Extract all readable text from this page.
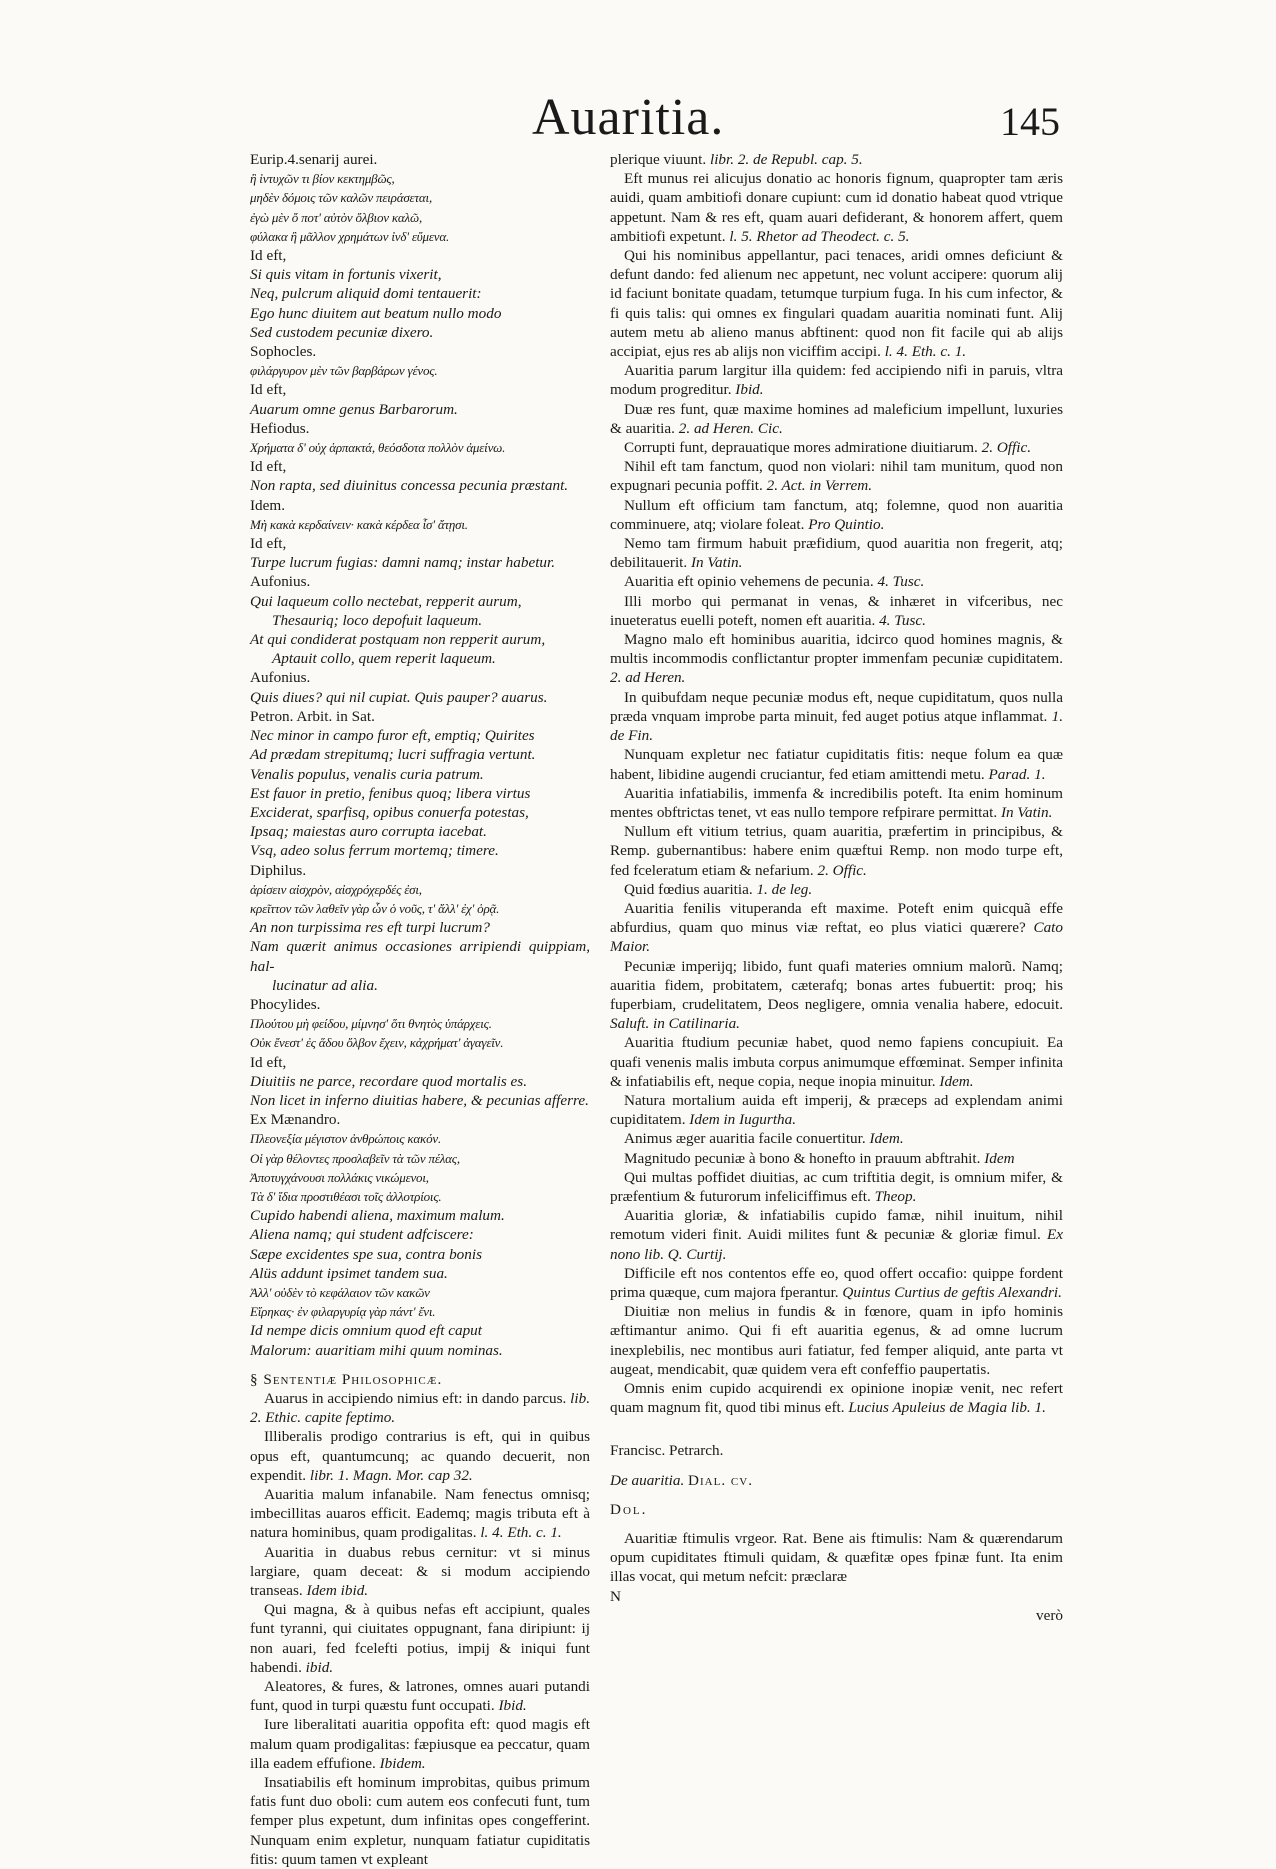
Auaritia.	145

Eurip.4.senarij aurei.

ἢ ἰντυχῶν τι βίον κεκτημβῶς,

μηδὲν δόμοις τῶν καλῶν πειράσεται,

ἐγὼ μὲν ὄ ποτ' αὐτὸν ὄλβιον καλῶ,

φύλακα ἢ μᾶλλον χρημάτων ἰνδ' εὔμενα.

Id eft,

Si quis vitam in fortunis vixerit,

Neq, pulcrum aliquid domi tentauerit:

Ego hunc diuitem aut beatum nullo modo

Sed custodem pecuniæ dixero.

Sophocles.

φιλάργυρον μὲν τῶν βαρβάρων γένος.

Id eft,

Auarum omne genus Barbarorum.

Hefiodus.

Χρήματα δ' οὐχ ἁρπακτά, θεόσδοτα πολλὸν ἀμείνω.

Id eft,

Non rapta, sed diuinitus concessa pecunia præstant.

Idem.

Μὴ κακὰ κερδαίνειν· κακὰ κέρδεα ἶσ' ἄτῃσι.

Id eft,

Turpe lucrum fugias: damni namq; instar habetur.

Aufonius.

Qui laqueum collo nectebat, repperit aurum,

Thesauriq; loco depofuit laqueum.

At qui condiderat postquam non repperit aurum,

Aptauit collo, quem reperit laqueum.

Aufonius.

Quis diues? qui nil cupiat. Quis pauper? auarus.

Petron. Arbit. in Sat.

Nec minor in campo furor eft, emptiq; Quirites

Ad prædam strepitumq; lucri suffragia vertunt.

Venalis populus, venalis curia patrum.

Est fauor in pretio, fenibus quoq; libera virtus

Exciderat, sparfisq, opibus conuerfa potestas,

Ipsaq; maiestas auro corrupta iacebat.

Vsq, adeo solus ferrum mortemq; timere.

Diphilus.

ἀρίσειν αἰσχρὸν, αἰσχρόχερδές ἐσι,

κρεῖττον τῶν λαθεῖν γὰρ ὧν ὁ νοῦς, τ' ἄλλ' ἐχ' ὁρᾷ.

An non turpissima res eft turpi lucrum?

Nam quærit animus occasiones arripiendi quippiam, hal-

lucinatur ad alia.

Phocylides.

Πλούτου μὴ φείδου, μίμνησ' ὅτι θνητὸς ὑπάρχεις.

Οὐκ ἔνεστ' ἐς ἅδου ὄλβον ἔχειν, κἀχρήματ' ἀγαγεῖν.

Id eft,

Diuitiis ne parce, recordare quod mortalis es.

Non licet in inferno diuitias habere, & pecunias afferre.

Ex Mænandro.

Πλεονεξία μέγιστον ἀνθρώποις κακόν.

Οἱ γὰρ θέλοντες προσλαβεῖν τὰ τῶν πέλας,

Ἀποτυγχάνουσι πολλάκις νικώμενοι,

Τὰ δ' ἴδια προστιθέασι τοῖς ἀλλοτρίοις.

Cupido habendi aliena, maximum malum.

Aliena namq; qui student adfciscere:

Sæpe excidentes spe sua, contra bonis

Alüs addunt ipsimet tandem sua.

Ἀλλ' οὐδὲν τὸ κεφάλαιον τῶν κακῶν

Εἴρηκας· ἐν φιλαργυρίᾳ γὰρ πάντ' ἔνι.

Id nempe dicis omnium quod eft caput

Malorum: auaritiam mihi quum nominas.

§ Sententiæ Philosophicæ.

Auarus in accipiendo nimius eft: in dando parcus. lib. 2. Ethic. capite feptimo.

Illiberalis prodigo contrarius is eft, qui in quibus opus eft, quantumcunq; ac quando decuerit, non expendit. libr. 1. Magn. Mor. cap 32.

Auaritia malum infanabile. Nam fenectus omnisq; imbecillitas auaros efficit. Eademq; magis tributa eft à natura hominibus, quam prodigalitas. l. 4. Eth. c. 1.

Auaritia in duabus rebus cernitur: vt si minus largiare, quam deceat: & si modum accipiendo transeas. Idem ibid.

Qui magna, & à quibus nefas eft accipiunt, quales funt tyranni, qui ciuitates oppugnant, fana diripiunt: ij non auari, fed fcelefti potius, impij & iniqui funt habendi. ibid.

Aleatores, & fures, & latrones, omnes auari putandi funt, quod in turpi quæstu funt occupati. Ibid.

Iure liberalitati auaritia oppofita eft: quod magis eft malum quam prodigalitas: fæpiusque ea peccatur, quam illa eadem effufione. Ibidem.

Insatiabilis eft hominum improbitas, quibus primum fatis funt duo oboli: cum autem eos confecuti funt, tum femper plus expetunt, dum infinitas opes congefferint. Nunquam enim expletur, nunquam fatiatur cupiditatis fitis: quum tamen vt expleant

plerique viuunt. libr. 2. de Republ. cap. 5.

Eft munus rei alicujus donatio ac honoris fignum, quapropter tam æris auidi, quam ambitiofi donare cupiunt: cum id donatio habeat quod vtrique appetunt. Nam & res eft, quam auari defiderant, & honorem affert, quem ambitiofi expetunt. l. 5. Rhetor ad Theodect. c. 5.

Qui his nominibus appellantur, paci tenaces, aridi omnes deficiunt & defunt dando: fed alienum nec appetunt, nec volunt accipere: quorum alij id faciunt bonitate quadam, tetumque turpium fuga. In his cum infector, & fi quis talis: qui omnes ex fingulari quadam auaritia nominati funt. Alij autem metu ab alieno manus abftinent: quod non fit facile qui ab alijs accipiat, ejus res ab alijs non viciffim accipi. l. 4. Eth. c. 1.

Auaritia parum largitur illa quidem: fed accipiendo nifi in paruis, vltra modum progreditur. Ibid.

Duæ res funt, quæ maxime homines ad maleficium impellunt, luxuries & auaritia. 2. ad Heren. Cic.

Corrupti funt, deprauatique mores admiratione diuitiarum. 2. Offic.

Nihil eft tam fanctum, quod non violari: nihil tam munitum, quod non expugnari pecunia poffit. 2. Act. in Verrem.

Nullum eft officium tam fanctum, atq; folemne, quod non auaritia comminuere, atq; violare foleat. Pro Quintio.

Nemo tam firmum habuit præfidium, quod auaritia non fregerit, atq; debilitauerit. In Vatin.

Auaritia eft opinio vehemens de pecunia. 4. Tusc.

Illi morbo qui permanat in venas, & inhæret in vifceribus, nec inueteratus euelli poteft, nomen eft auaritia. 4. Tusc.

Magno malo eft hominibus auaritia, idcirco quod homines magnis, & multis incommodis conflictantur propter immenfam pecuniæ cupiditatem. 2. ad Heren.

In quibufdam neque pecuniæ modus eft, neque cupiditatum, quos nulla præda vnquam improbe parta minuit, fed auget potius atque inflammat. 1. de Fin.

Nunquam expletur nec fatiatur cupiditatis fitis: neque folum ea quæ habent, libidine augendi cruciantur, fed etiam amittendi metu. Parad. 1.

Auaritia infatiabilis, immenfa & incredibilis poteft. Ita enim hominum mentes obftrictas tenet, vt eas nullo tempore refpirare permittat. In Vatin.

Nullum eft vitium tetrius, quam auaritia, præfertim in principibus, & Remp. gubernantibus: habere enim quæftui Remp. non modo turpe eft, fed fceleratum etiam & nefarium. 2. Offic.

Quid fœdius auaritia. 1. de leg.

Auaritia fenilis vituperanda eft maxime. Poteft enim quicquã effe abfurdius, quam quo minus viæ reftat, eo plus viatici quærere? Cato Maior.

Pecuniæ imperijq; libido, funt quafi materies omnium malorũ. Namq; auaritia fidem, probitatem, cæterafq; bonas artes fubuertit: proq; his fuperbiam, crudelitatem, Deos negligere, omnia venalia habere, edocuit. Saluft. in Catilinaria.

Auaritia ftudium pecuniæ habet, quod nemo fapiens concupiuit. Ea quafi venenis malis imbuta corpus animumque effœminat. Semper infinita & infatiabilis eft, neque copia, neque inopia minuitur. Idem.

Natura mortalium auida eft imperij, & præceps ad explendam animi cupiditatem. Idem in Iugurtha.

Animus æger auaritia facile conuertitur. Idem.

Magnitudo pecuniæ à bono & honefto in prauum abftrahit. Idem

Qui multas poffidet diuitias, ac cum triftitia degit, is omnium mifer, & præfentium & futurorum infeliciffimus eft. Theop.

Auaritia gloriæ, & infatiabilis cupido famæ, nihil inuitum, nihil remotum videri finit. Auidi milites funt & pecuniæ & gloriæ fimul. Ex nono lib. Q. Curtij.

Difficile eft nos contentos effe eo, quod offert occafio: quippe fordent prima quæque, cum majora fperantur. Quintus Curtius de geftis Alexandri.

Diuitiæ non melius in fundis & in fœnore, quam in ipfo hominis æftimantur animo. Qui fi eft auaritia egenus, & ad omne lucrum inexplebilis, nec montibus auri fatiatur, fed femper aliquid, ante parta vt augeat, mendicabit, quæ quidem vera eft confeffio paupertatis.

Omnis enim cupido acquirendi ex opinione inopiæ venit, nec refert quam magnum fit, quod tibi minus eft. Lucius Apuleius de Magia lib. 1.

Francisc. Petrarch.

De auaritia. Dial. cv.

Dol.

Auaritiæ ftimulis vrgeor. Rat. Bene ais ftimulis: Nam & quærendarum opum cupiditates ftimuli quidam, & quæfitæ opes fpinæ funt. Ita enim illas vocat, qui metum nefcit: præclaræ

N

verò
